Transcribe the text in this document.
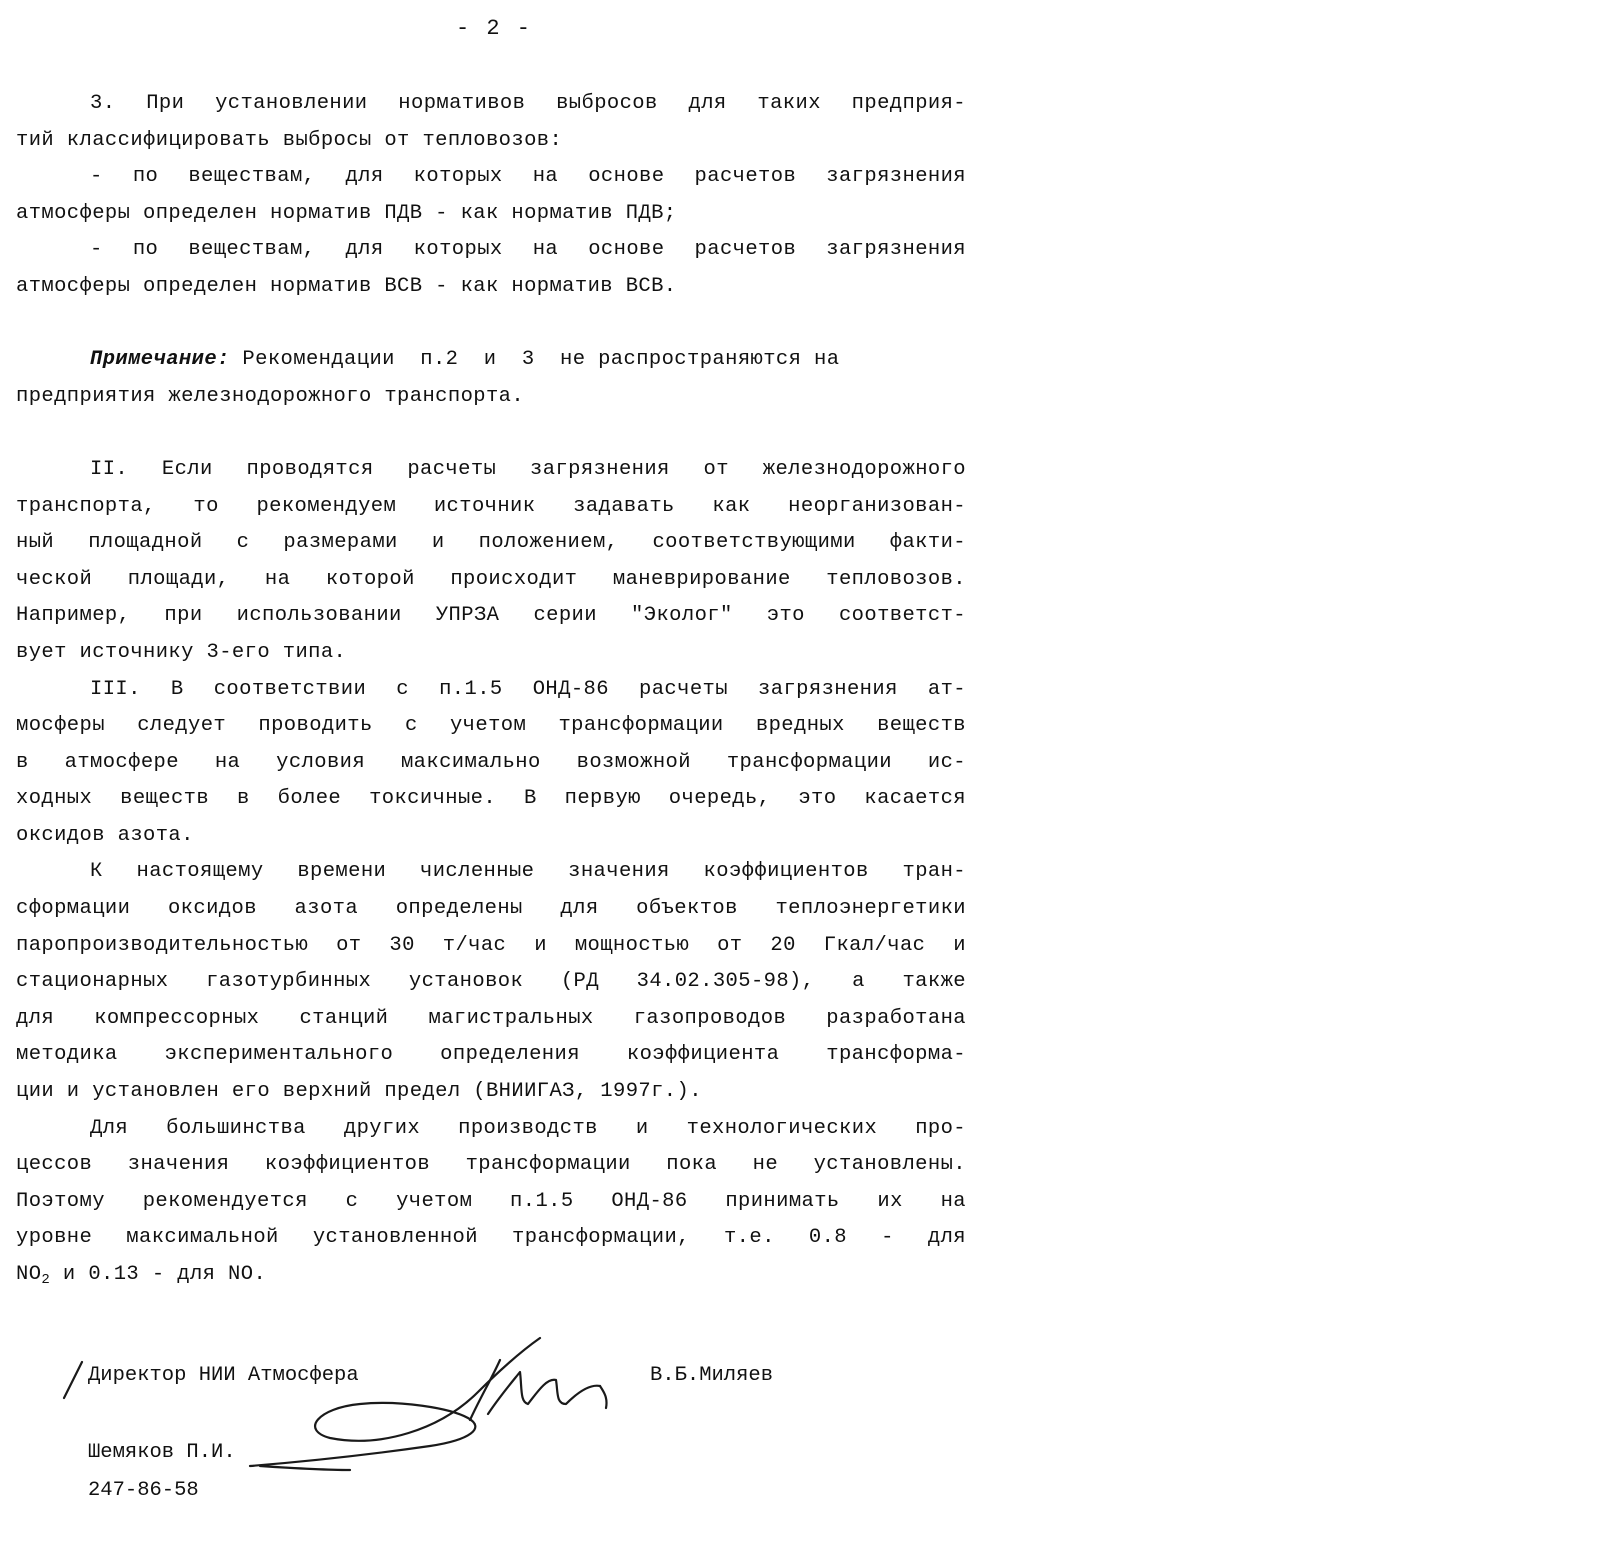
- 2 -
3. При установлении нормативов выбросов для таких предприя-
тий классифицировать выбросы от тепловозов:
- по веществам, для которых на основе расчетов загрязнения
атмосферы определен норматив ПДВ - как норматив ПДВ;
- по веществам, для которых на основе расчетов загрязнения
атмосферы определен норматив ВСВ - как норматив ВСВ.
Примечание: Рекомендации  п.2  и  3  не распространяются на
предприятия железнодорожного транспорта.
II. Если проводятся расчеты загрязнения от железнодорожного
транспорта, то рекомендуем источник задавать как неорганизован-
ный площадной с размерами и положением, соответствующими факти-
ческой площади, на которой происходит маневрирование тепловозов.
Например, при использовании УПРЗА серии "Эколог" это соответст-
вует источнику 3-его типа.
III. В соответствии с п.1.5 ОНД-86 расчеты загрязнения ат-
мосферы следует проводить с учетом трансформации вредных веществ
в атмосфере на условия максимально возможной трансформации ис-
ходных веществ в более токсичные. В первую очередь, это касается
оксидов азота.
К настоящему времени численные значения коэффициентов тран-
сформации оксидов азота определены для объектов теплоэнергетики
паропроизводительностью от 30 т/час и мощностью от 20 Гкал/час и
стационарных газотурбинных установок (РД 34.02.305-98), а также
для компрессорных станций магистральных газопроводов разработана
методика экспериментального определения коэффициента трансформа-
ции и установлен его верхний предел (ВНИИГАЗ, 1997г.).
Для большинства других производств и технологических про-
цессов значения коэффициентов трансформации пока не установлены.
Поэтому рекомендуется с учетом п.1.5 ОНД-86 принимать их на
уровне максимальной установленной трансформации, т.е. 0.8 - для
$NO_2$ и 0.13 - для NO.
Директор НИИ Атмосфера	В.Б.Миляев
Шемяков П.И.
247-86-58
